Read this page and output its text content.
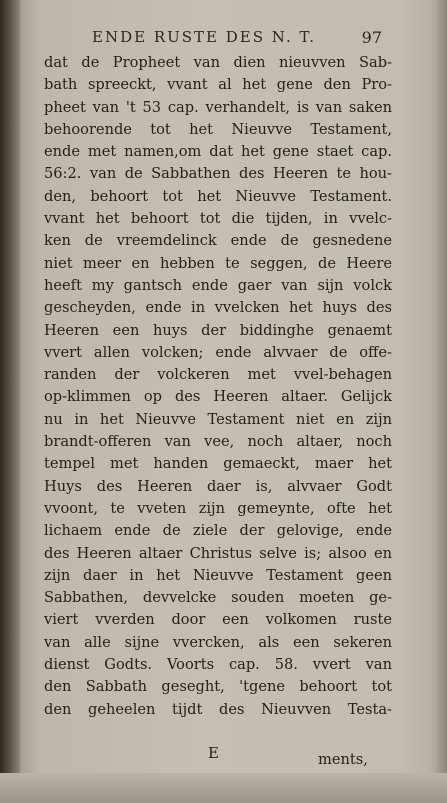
ENDE RUSTE DES N. T.	97
dat de Propheet van dien nieuvven Sab-
bath spreeckt, vvant al het gene den Pro-
pheet van 't 53 cap. verhandelt, is van saken
behoorende tot het Nieuvve Testament,
ende met namen,om dat het gene staet cap.
56:2. van de Sabbathen des Heeren te hou-
den, behoort tot het Nieuvve Testament.
vvant het behoort tot die tijden, in vvelc-
ken de vreemdelinck ende de gesnedene
niet meer en hebben te seggen, de Heere
heeft my gantsch ende gaer van sijn volck
gescheyden, ende in vvelcken het huys des
Heeren een huys der biddinghe genaemt
vvert allen volcken; ende alvvaer de offe-
randen der volckeren met vvel-behagen
op-klimmen op des Heeren altaer. Gelijck
nu in het Nieuvve Testament niet en zijn
brandt-offeren van vee, noch altaer, noch
tempel met handen gemaeckt, maer het
Huys des Heeren daer is, alvvaer Godt
vvoont, te vveten zijn gemeynte, ofte het
lichaem ende de ziele der gelovige, ende
des Heeren altaer Christus selve is; alsoo en
zijn daer in het Nieuvve Testament geen
Sabbathen, devvelcke souden moeten ge-
viert vverden door een volkomen ruste
van alle sijne vvercken, als een sekeren
dienst Godts. Voorts cap. 58. vvert van
den Sabbath geseght, 'tgene behoort tot
den geheelen tijdt des Nieuvven Testa-
E	ments,
